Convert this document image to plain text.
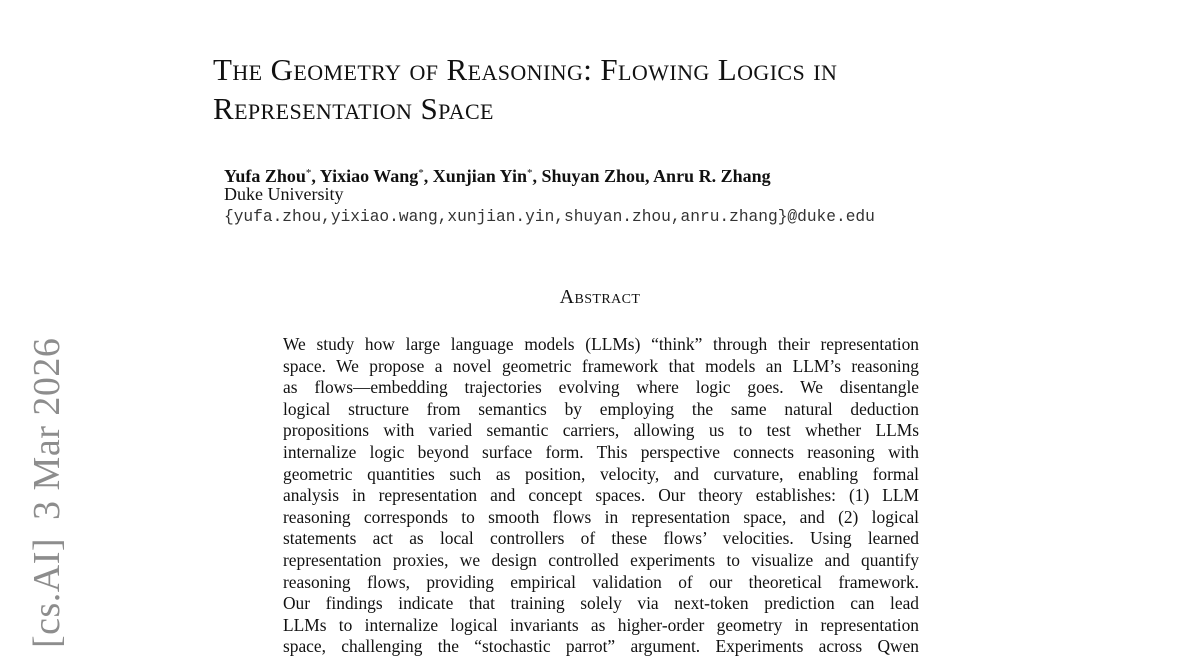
[cs.AI]3 Mar 2026
The Geometry of Reasoning: Flowing Logics in
Representation Space

Yufa Zhou*, Yixiao Wang*, Xunjian Yin*, Shuyan Zhou, Anru R. Zhang

Duke University
{yufa.zhou,yixiao.wang,xunjian.yin,shuyan.zhou,anru.zhang}@duke.edu
Abstract
We study how large language models (LLMs) “think” through their representation
space. We propose a novel geometric framework that models an LLM’s reasoning
as flows—embedding trajectories evolving where logic goes. We disentangle
logical structure from semantics by employing the same natural deduction
propositions with varied semantic carriers, allowing us to test whether LLMs
internalize logic beyond surface form. This perspective connects reasoning with
geometric quantities such as position, velocity, and curvature, enabling formal
analysis in representation and concept spaces. Our theory establishes: (1) LLM
reasoning corresponds to smooth flows in representation space, and (2) logical
statements act as local controllers of these flows’ velocities. Using learned
representation proxies, we design controlled experiments to visualize and quantify
reasoning flows, providing empirical validation of our theoretical framework.
Our findings indicate that training solely via next-token prediction can lead
LLMs to internalize logical invariants as higher-order geometry in representation
space, challenging the “stochastic parrot” argument. Experiments across Qwen
